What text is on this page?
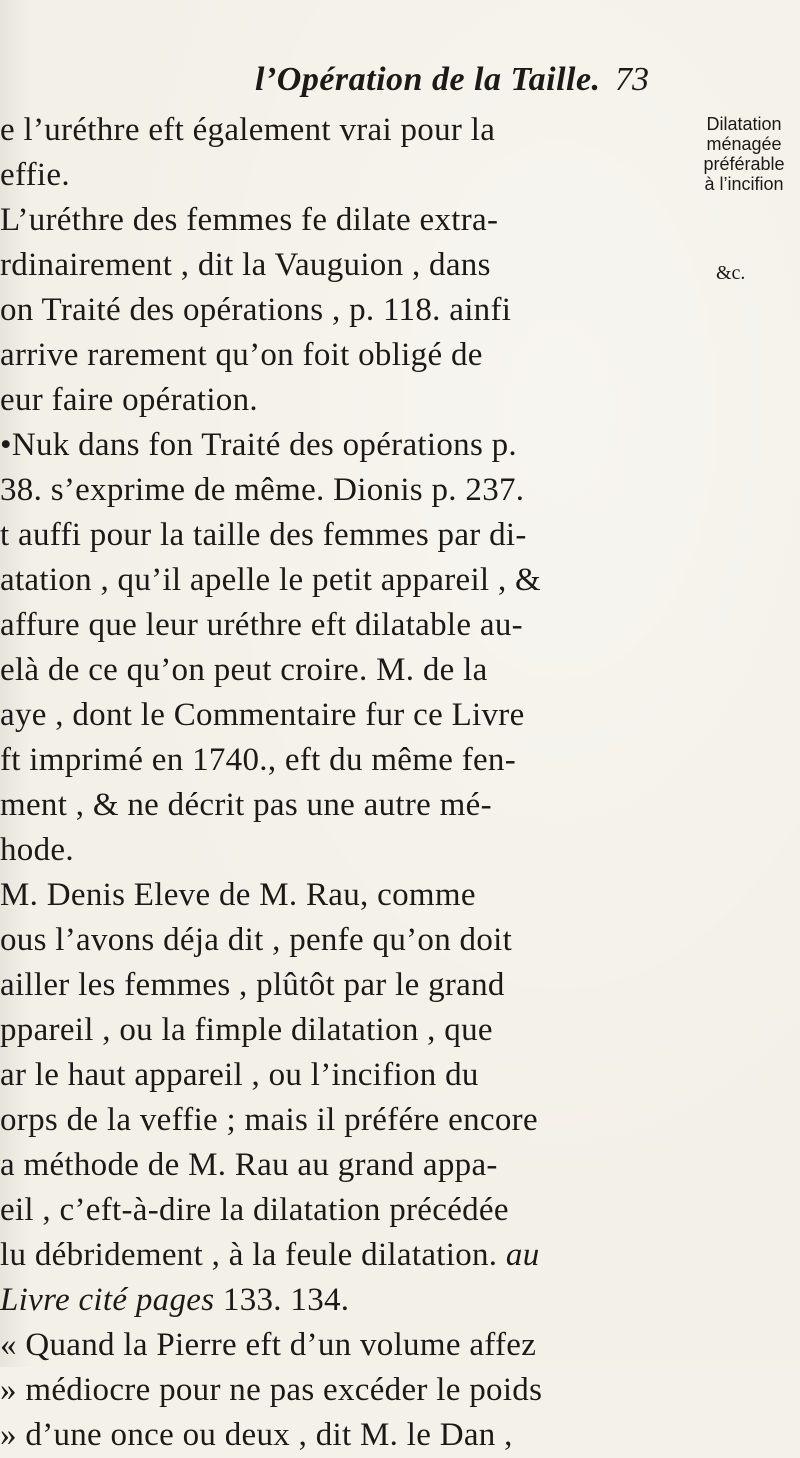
l’Opération de la Taille. 73
Dilatation
ménagée
préférable
à l’incifion
&c.
e l’uréthre eft également vrai pour la
effie.
L’uréthre des femmes fe dilate extra-
rdinairement , dit la Vauguion , dans
on Traité des opérations , p. 118. ainfi
arrive rarement qu’on foit obligé de
eur faire opération.
•Nuk dans fon Traité des opérations p.
38. s’exprime de même. Dionis p. 237.
t auffi pour la taille des femmes par di-
atation , qu’il apelle le petit appareil , &
affure que leur uréthre eft dilatable au-
elà de ce qu’on peut croire. M. de la
aye , dont le Commentaire fur ce Livre
ft imprimé en 1740., eft du même fen-
ment , & ne décrit pas une autre mé-
hode.
M. Denis Eleve de M. Rau, comme
ous l’avons déja dit , penfe qu’on doit
ailler les femmes , plûtôt par le grand
ppareil , ou la fimple dilatation , que
ar le haut appareil , ou l’incifion du
orps de la veffie ; mais il préfére encore
a méthode de M. Rau au grand appa-
eil , c’eft-à-dire la dilatation précédée
lu débridement , à la feule dilatation. au
Livre cité pages 133. 134.
« Quand la Pierre eft d’un volume affez
» médiocre pour ne pas excéder le poids
» d’une once ou deux , dit M. le Dan ,
